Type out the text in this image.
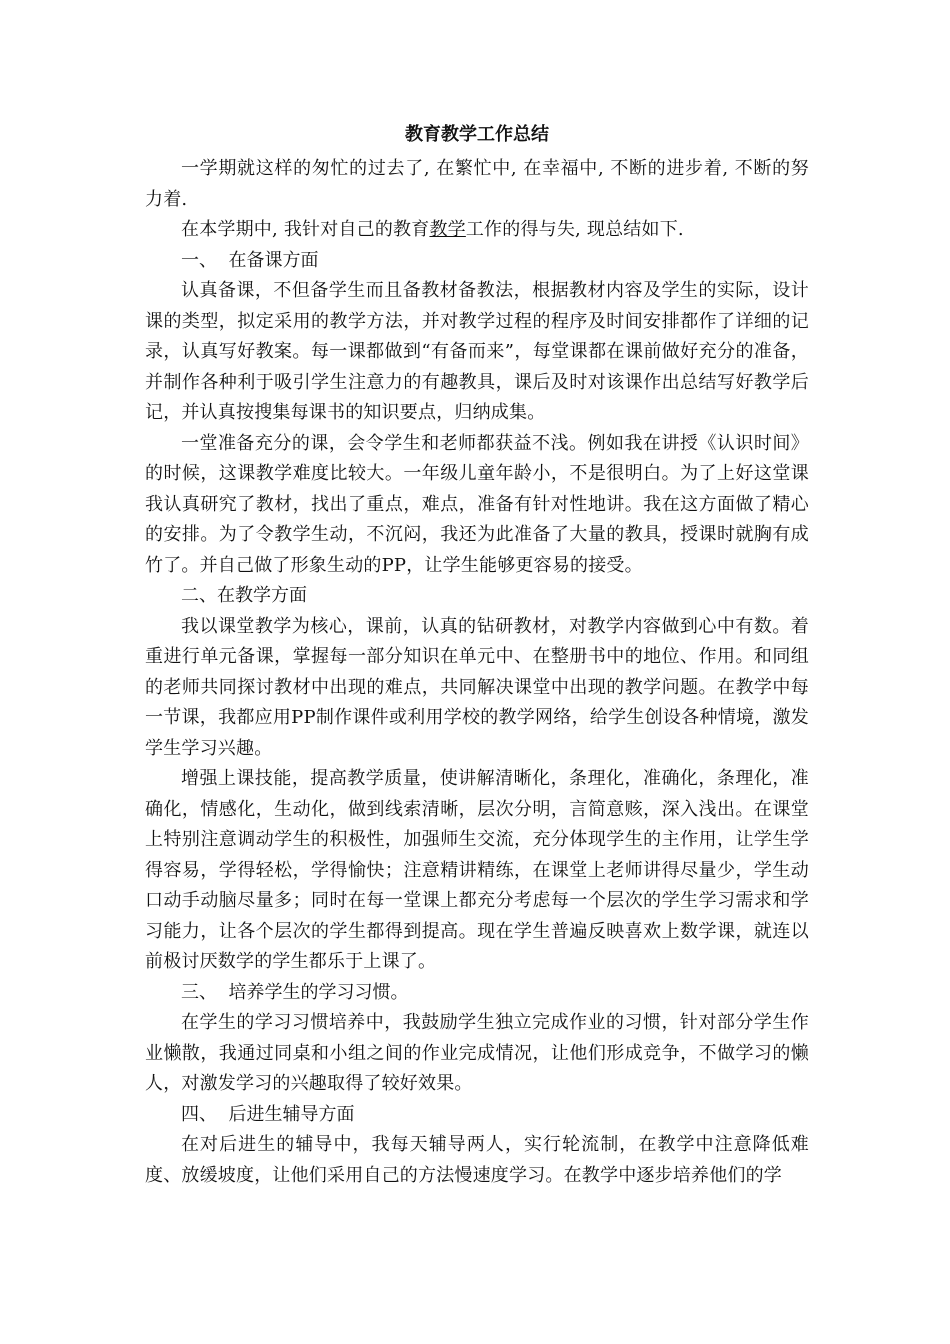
教育教学工作总结

一学期就这样的匆忙的过去了, 在繁忙中, 在幸福中, 不断的进步着, 不断的努力着.

在本学期中, 我针对自己的教育教学工作的得与失, 现总结如下.

一、  在备课方面

认真备课，不但备学生而且备教材备教法，根据教材内容及学生的实际，设计课的类型，拟定采用的教学方法，并对教学过程的程序及时间安排都作了详细的记录，认真写好教案。每一课都做到“有备而来”，每堂课都在课前做好充分的准备，并制作各种利于吸引学生注意力的有趣教具，课后及时对该课作出总结写好教学后记，并认真按搜集每课书的知识要点，归纳成集。

一堂准备充分的课，会令学生和老师都获益不浅。例如我在讲授《认识时间》的时候，这课教学难度比较大。一年级儿童年龄小，不是很明白。为了上好这堂课我认真研究了教材，找出了重点，难点，准备有针对性地讲。我在这方面做了精心的安排。为了令教学生动，不沉闷，我还为此准备了大量的教具，授课时就胸有成竹了。并自己做了形象生动的PP，让学生能够更容易的接受。

二、在教学方面

我以课堂教学为核心，课前，认真的钻研教材，对教学内容做到心中有数。着重进行单元备课，掌握每一部分知识在单元中、在整册书中的地位、作用。和同组的老师共同探讨教材中出现的难点，共同解决课堂中出现的教学问题。在教学中每一节课，我都应用PP制作课件或利用学校的教学网络，给学生创设各种情境，激发学生学习兴趣。

增强上课技能，提高教学质量，使讲解清晰化，条理化，准确化，条理化，准确化，情感化，生动化，做到线索清晰，层次分明，言简意赅，深入浅出。在课堂上特别注意调动学生的积极性，加强师生交流，充分体现学生的主作用，让学生学得容易，学得轻松，学得愉快；注意精讲精练，在课堂上老师讲得尽量少，学生动口动手动脑尽量多；同时在每一堂课上都充分考虑每一个层次的学生学习需求和学习能力，让各个层次的学生都得到提高。现在学生普遍反映喜欢上数学课，就连以前极讨厌数学的学生都乐于上课了。

三、  培养学生的学习习惯。

在学生的学习习惯培养中，我鼓励学生独立完成作业的习惯，针对部分学生作业懒散，我通过同桌和小组之间的作业完成情况，让他们形成竞争，不做学习的懒人，对激发学习的兴趣取得了较好效果。

四、  后进生辅导方面

在对后进生的辅导中，我每天辅导两人，实行轮流制，在教学中注意降低难度、放缓坡度，让他们采用自己的方法慢速度学习。在教学中逐步培养他们的学
